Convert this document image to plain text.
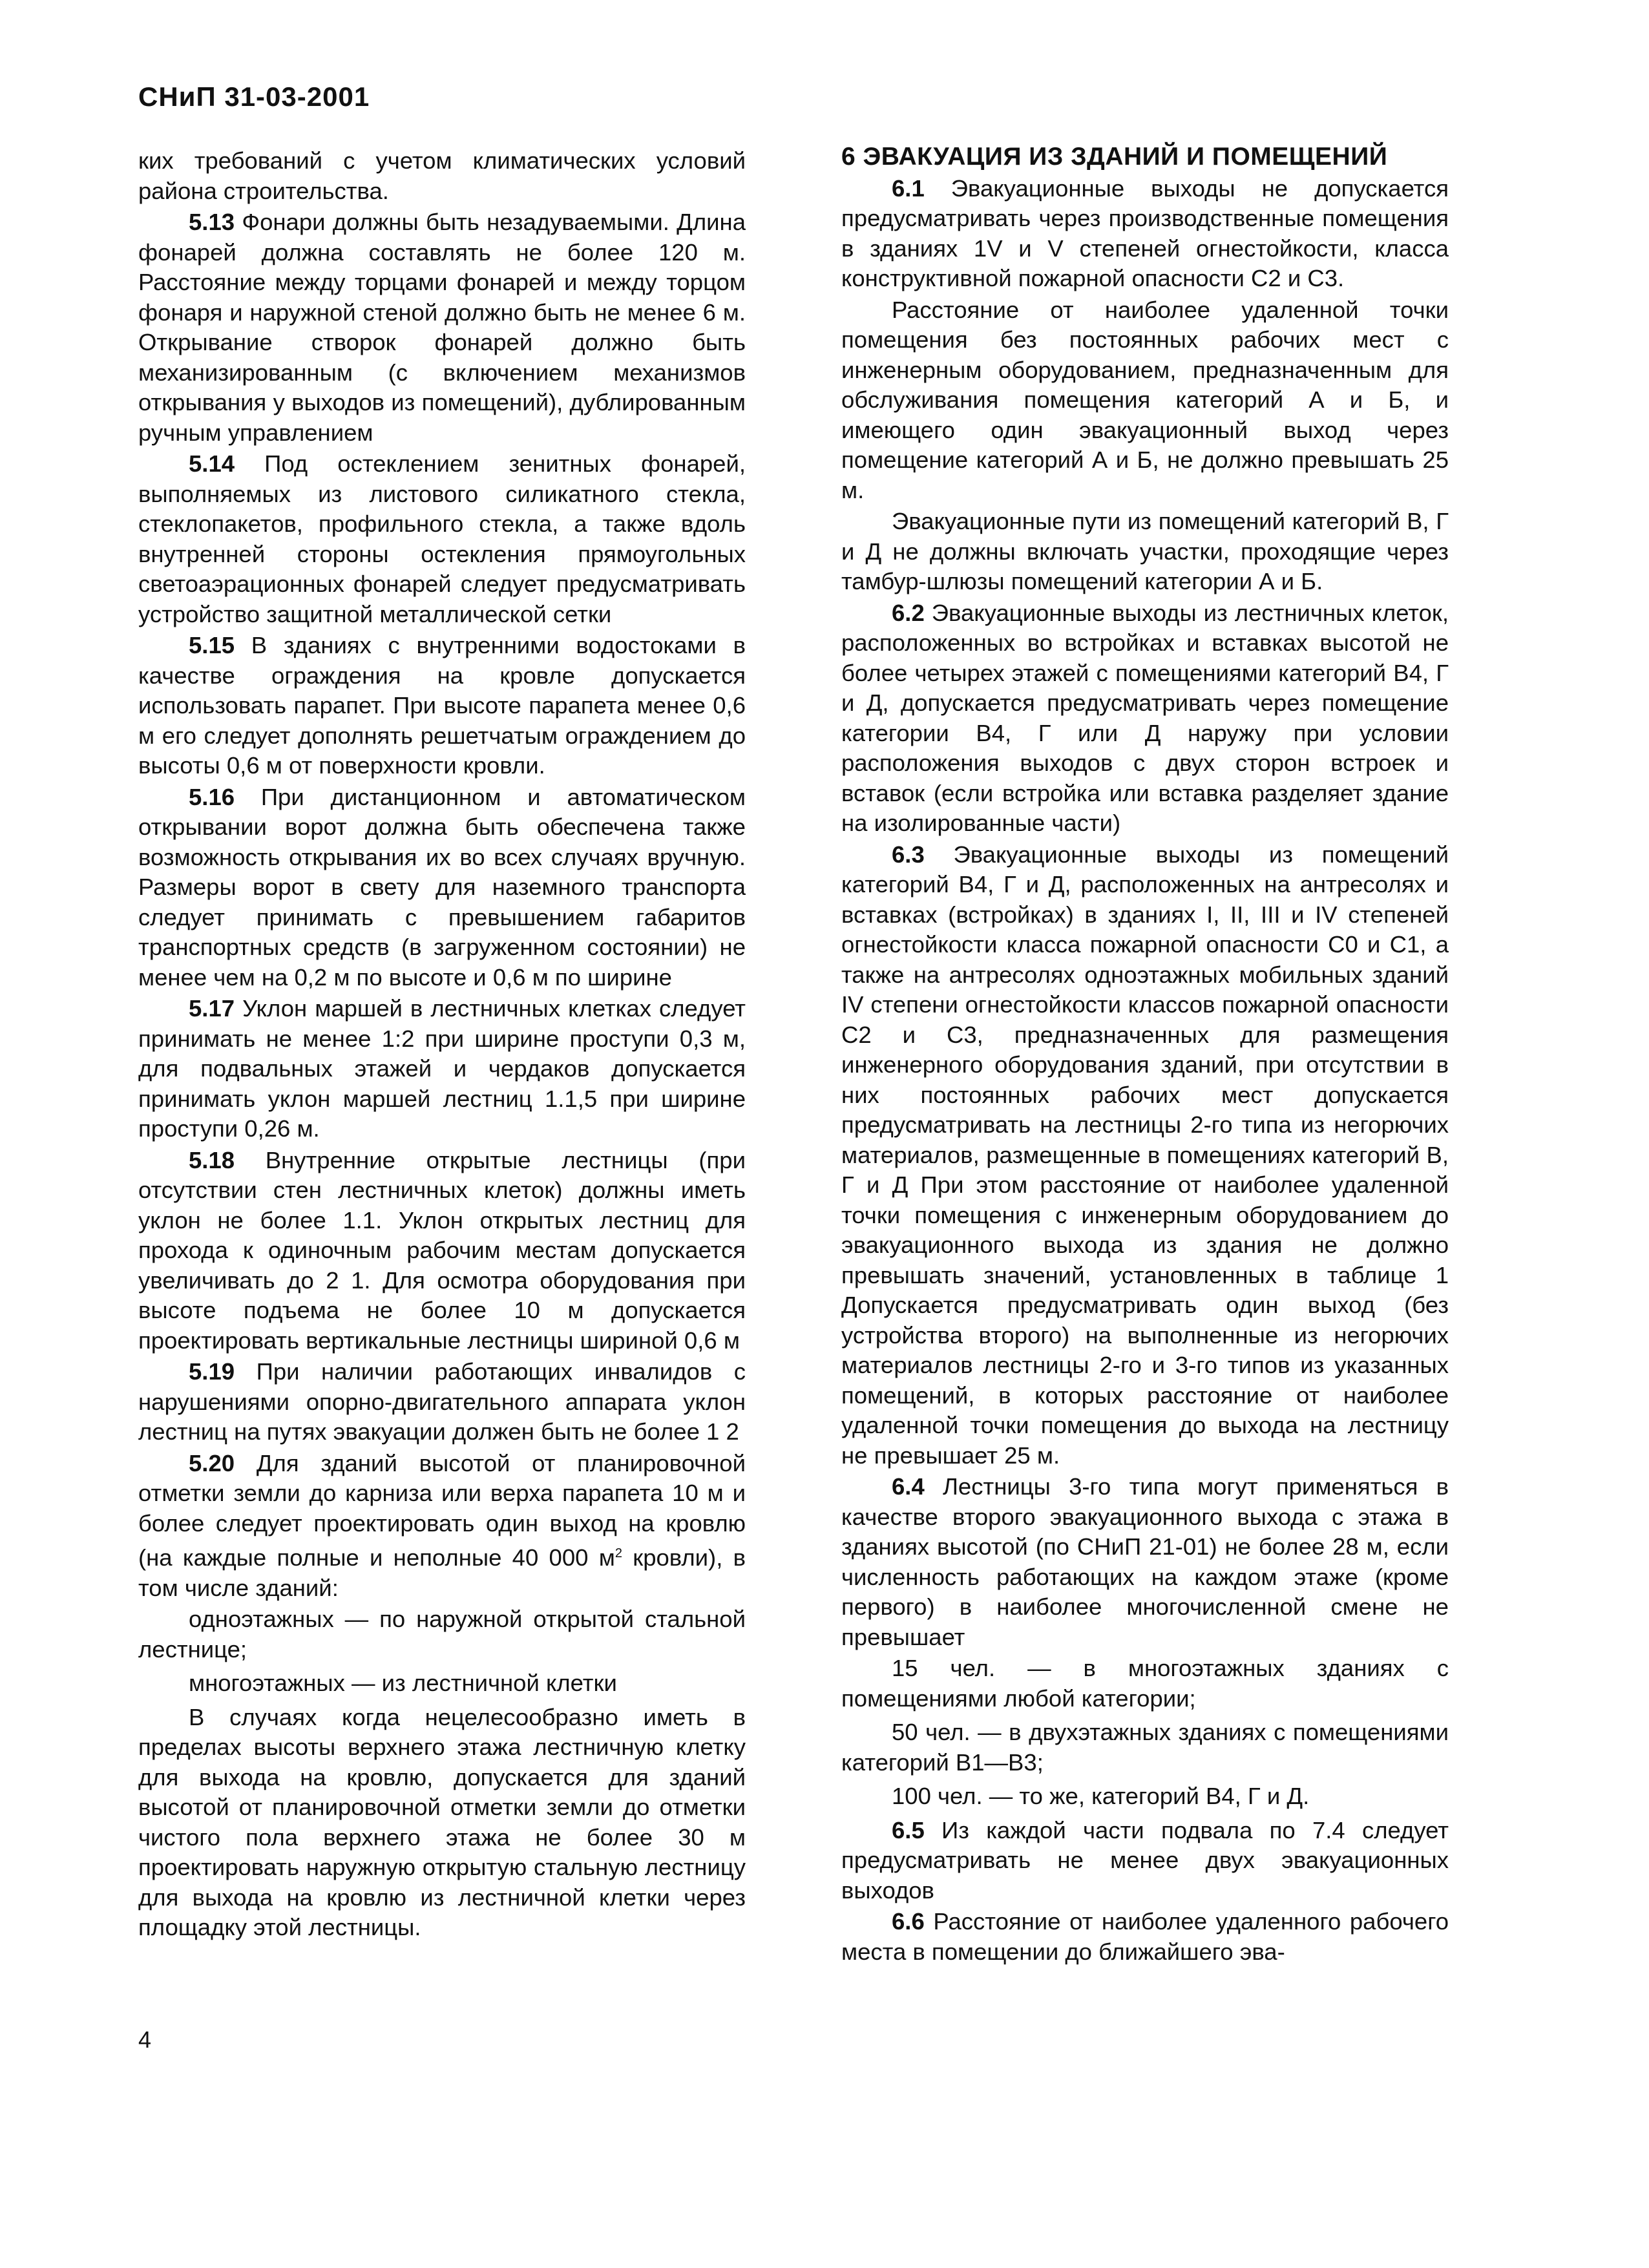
СНиП 31-03-2001

ких требований с учетом климатических условий района строительства.

5.13 Фонари должны быть незадуваемыми. Длина фонарей должна составлять не более 120 м. Расстояние между торцами фонарей и между торцом фонаря и наружной стеной должно быть не менее 6 м. Открывание створок фонарей должно быть механизированным (с включением механизмов открывания у выходов из помещений), дублированным ручным управлением

5.14 Под остеклением зенитных фонарей, выполняемых из листового силикатного стекла, стеклопакетов, профильного стекла, а также вдоль внутренней стороны остекления прямоугольных светоаэрационных фонарей следует предусматривать устройство защитной металлической сетки

5.15 В зданиях с внутренними водостоками в качестве ограждения на кровле допускается использовать парапет. При высоте парапета менее 0,6 м его следует дополнять решетчатым ограждением до высоты 0,6 м от поверхности кровли.

5.16 При дистанционном и автоматическом открывании ворот должна быть обеспечена также возможность открывания их во всех случаях вручную. Размеры ворот в свету для наземного транспорта следует принимать с превышением габаритов транспортных средств (в загруженном состоянии) не менее чем на 0,2 м по высоте и 0,6 м по ширине

5.17 Уклон маршей в лестничных клетках следует принимать не менее 1:2 при ширине проступи 0,3 м, для подвальных этажей и чердаков допускается принимать уклон маршей лестниц 1.1,5 при ширине проступи 0,26 м.

5.18 Внутренние открытые лестницы (при отсутствии стен лестничных клеток) должны иметь уклон не более 1.1. Уклон открытых лестниц для прохода к одиночным рабочим местам допускается увеличивать до 2 1. Для осмотра оборудования при высоте подъема не более 10 м допускается проектировать вертикальные лестницы шириной 0,6 м

5.19 При наличии работающих инвалидов с нарушениями опорно-двигательного аппарата уклон лестниц на путях эвакуации должен быть не более 1 2

5.20 Для зданий высотой от планировочной отметки земли до карниза или верха парапета 10 м и более следует проектировать один выход на кровлю (на каждые полные и неполные 40 000 $м^2$ кровли), в том числе зданий:

одноэтажных — по наружной открытой стальной лестнице;

многоэтажных — из лестничной клетки

В случаях когда нецелесообразно иметь в пределах высоты верхнего этажа лестничную клетку для выхода на кровлю, допускается для зданий высотой от планировочной отметки земли до отметки чистого пола верхнего этажа не более 30 м проектировать наружную открытую стальную лестницу для выхода на кровлю из лестничной клетки через площадку этой лестницы.

6 ЭВАКУАЦИЯ ИЗ ЗДАНИЙ И ПОМЕЩЕНИЙ

6.1 Эвакуационные выходы не допускается предусматривать через производственные помещения в зданиях 1V и V степеней огнестойкости, класса конструктивной пожарной опасности С2 и С3.

Расстояние от наиболее удаленной точки помещения без постоянных рабочих мест с инженерным оборудованием, предназначенным для обслуживания помещения категорий А и Б, и имеющего один эвакуационный выход через помещение категорий А и Б, не должно превышать 25 м.

Эвакуационные пути из помещений категорий В, Г и Д не должны включать участки, проходящие через тамбур-шлюзы помещений категории А и Б.

6.2 Эвакуационные выходы из лестничных клеток, расположенных во встройках и вставках высотой не более четырех этажей с помещениями категорий В4, Г и Д, допускается предусматривать через помещение категории В4, Г или Д наружу при условии расположения выходов с двух сторон встроек и вставок (если встройка или вставка разделяет здание на изолированные части)

6.3 Эвакуационные выходы из помещений категорий В4, Г и Д, расположенных на антресолях и вставках (встройках) в зданиях I, II, III и IV степеней огнестойкости класса пожарной опасности С0 и С1, а также на антресолях одноэтажных мобильных зданий IV степени огнестойкости классов пожарной опасности С2 и С3, предназначенных для размещения инженерного оборудования зданий, при отсутствии в них постоянных рабочих мест допускается предусматривать на лестницы 2-го типа из негорючих материалов, размещенные в помещениях категорий В, Г и Д При этом расстояние от наиболее удаленной точки помещения с инженерным оборудованием до эвакуационного выхода из здания не должно превышать значений, установленных в таблице 1 Допускается предусматривать один выход (без устройства второго) на выполненные из негорючих материалов лестницы 2-го и 3-го типов из указанных помещений, в которых расстояние от наиболее удаленной точки помещения до выхода на лестницу не превышает 25 м.

6.4 Лестницы 3-го типа могут применяться в качестве второго эвакуационного выхода с этажа в зданиях высотой (по СНиП 21-01) не более 28 м, если численность работающих на каждом этаже (кроме первого) в наиболее многочисленной смене не превышает

15 чел. — в многоэтажных зданиях с помещениями любой категории;

50 чел. — в двухэтажных зданиях с помещениями категорий В1—В3;

100 чел. — то же, категорий В4, Г и Д.

6.5 Из каждой части подвала по 7.4 следует предусматривать не менее двух эвакуационных выходов

6.6 Расстояние от наиболее удаленного рабочего места в помещении до ближайшего эва-

4
